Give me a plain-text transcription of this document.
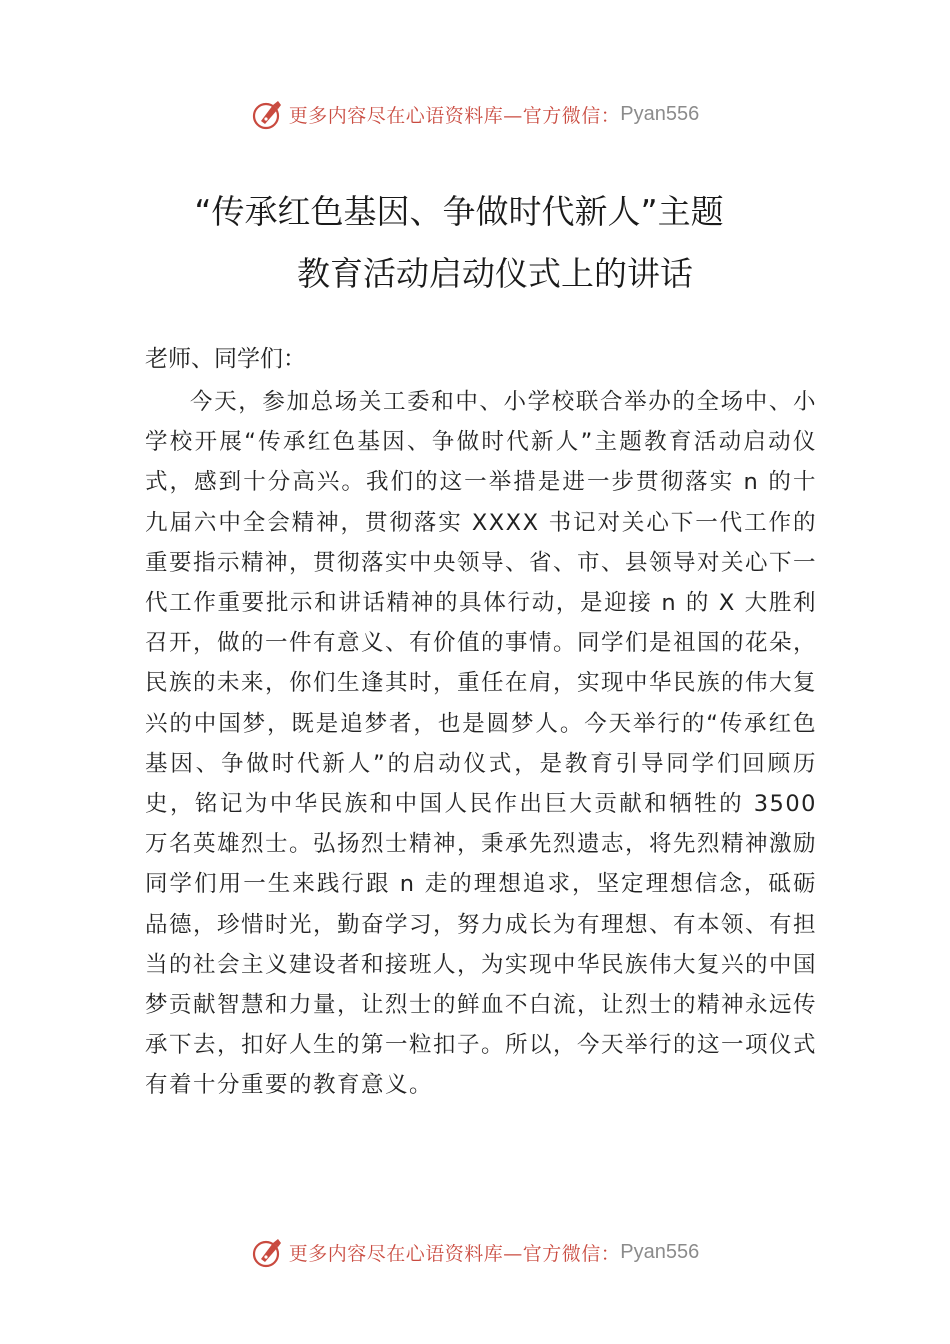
更多内容尽在心语资料库—官方微信： Pyan556
“传承红色基因、争做时代新人”主题
教育活动启动仪式上的讲话
老师、同学们：

今天，参加总场关工委和中、小学校联合举办的全场中、小学校开展“传承红色基因、争做时代新人”主题教育活动启动仪式，感到十分高兴。我们的这一举措是进一步贯彻落实 n 的十九届六中全会精神，贯彻落实 XXXX 书记对关心下一代工作的重要指示精神，贯彻落实中央领导、省、市、县领导对关心下一代工作重要批示和讲话精神的具体行动，是迎接 n 的 X 大胜利召开，做的一件有意义、有价值的事情。同学们是祖国的花朵，民族的未来，你们生逢其时，重任在肩，实现中华民族的伟大复兴的中国梦，既是追梦者，也是圆梦人。今天举行的“传承红色基因、争做时代新人”的启动仪式，是教育引导同学们回顾历史，铭记为中华民族和中国人民作出巨大贡献和牺牲的 3500 万名英雄烈士。弘扬烈士精神，秉承先烈遗志，将先烈精神激励同学们用一生来践行跟 n 走的理想追求，坚定理想信念，砥砺品德，珍惜时光，勤奋学习，努力成长为有理想、有本领、有担当的社会主义建设者和接班人，为实现中华民族伟大复兴的中国梦贡献智慧和力量，让烈士的鲜血不白流，让烈士的精神永远传承下去，扣好人生的第一粒扣子。所以，今天举行的这一项仪式有着十分重要的教育意义。

更多内容尽在心语资料库—官方微信： Pyan556
